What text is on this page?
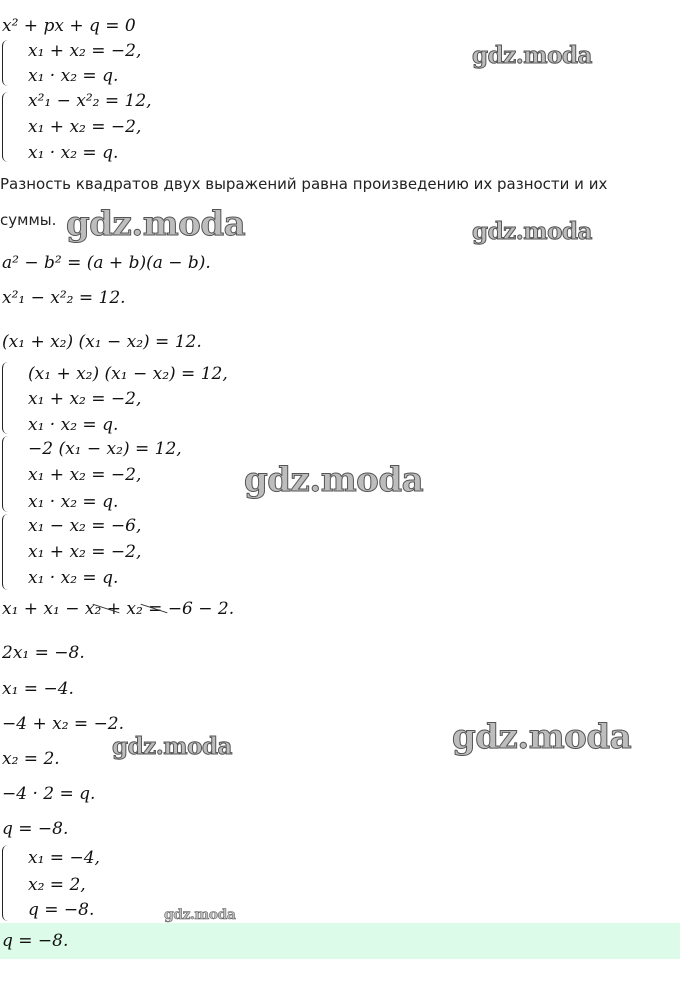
x² + px + q = 0
x₁ + x₂ = −2,
x₁ · x₂ = q.
x²₁ − x²₂ = 12,
x₁ + x₂ = −2,
x₁ · x₂ = q.
Разность квадратов двух выражений равна произведению их разности и их
суммы.
a² − b² = (a + b)(a − b).
x²₁ − x²₂ = 12.
(x₁ + x₂) (x₁ − x₂) = 12.
(x₁ + x₂) (x₁ − x₂) = 12,
x₁ + x₂ = −2,
x₁ · x₂ = q.
−2 (x₁ − x₂) = 12,
x₁ + x₂ = −2,
x₁ · x₂ = q.
x₁ − x₂ = −6,
x₁ + x₂ = −2,
x₁ · x₂ = q.
x₁ + x₁ − x₂ + x₂ = −6 − 2.
2x₁ = −8.
x₁ = −4.
−4 + x₂ = −2.
x₂ = 2.
−4 · 2 = q.
q = −8.
x₁ = −4,
x₂ = 2,
q = −8.
q = −8.
gdz.moda
gdz.moda	gdz.moda
gdz.moda
gdz.moda
gdz.moda
gdz.moda
